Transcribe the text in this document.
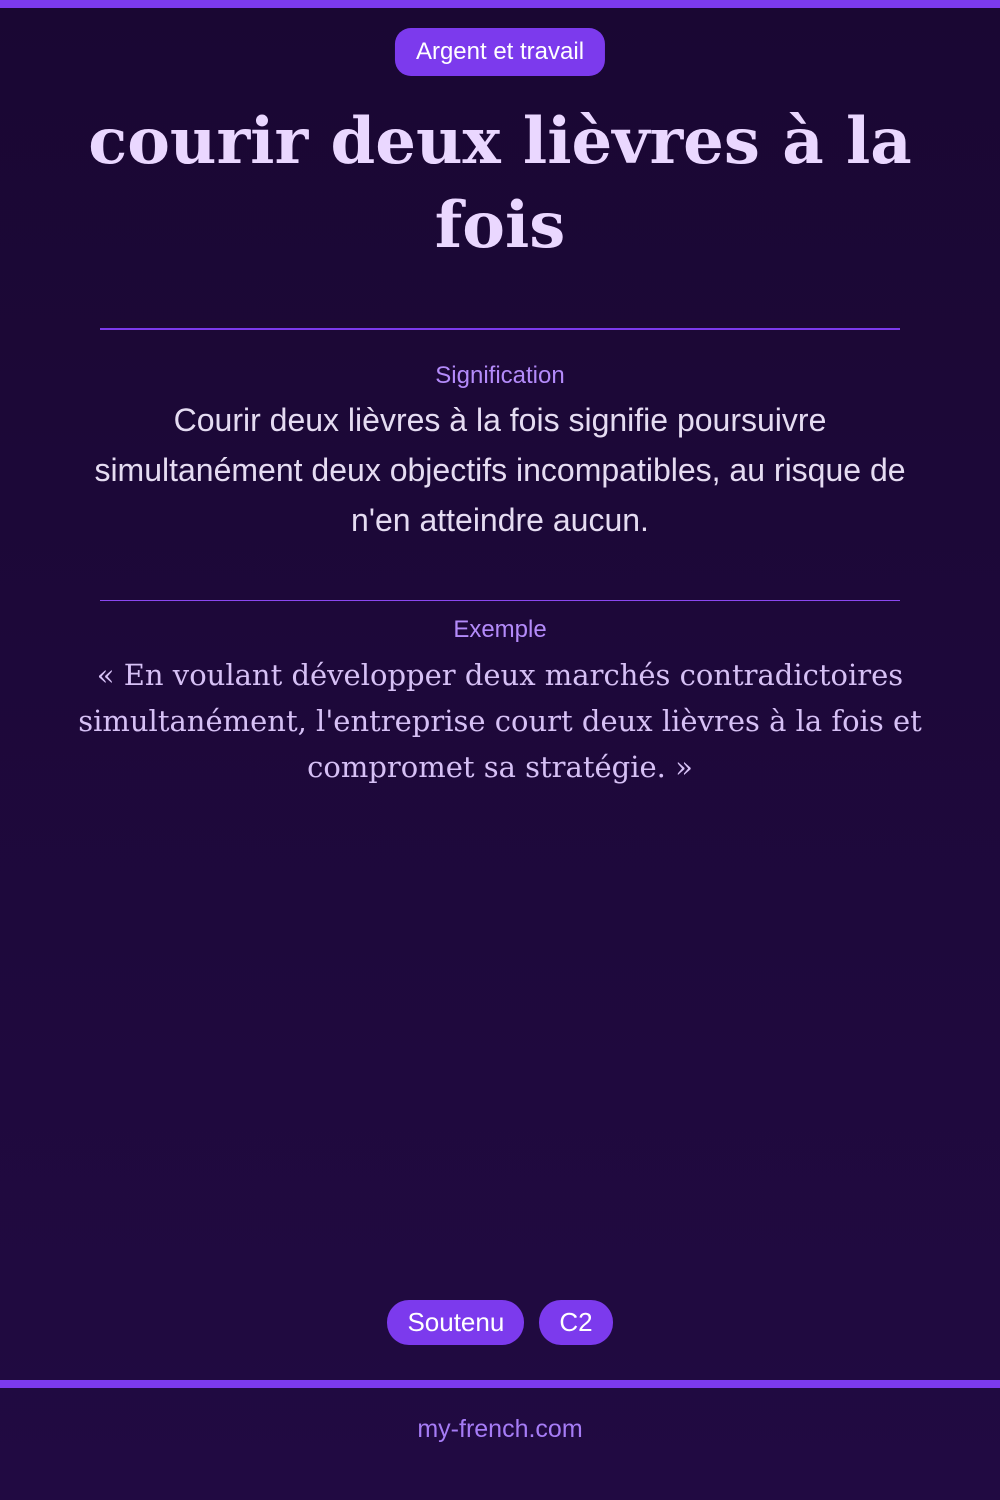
Argent et travail
courir deux lièvres à la fois
Signification

Courir deux lièvres à la fois signifie poursuivre simultanément deux objectifs incompatibles, au risque de n'en atteindre aucun.

Exemple

« En voulant développer deux marchés contradictoires simultanément, l'entreprise court deux lièvres à la fois et compromet sa stratégie. »

Soutenu	C2
my-french.com
